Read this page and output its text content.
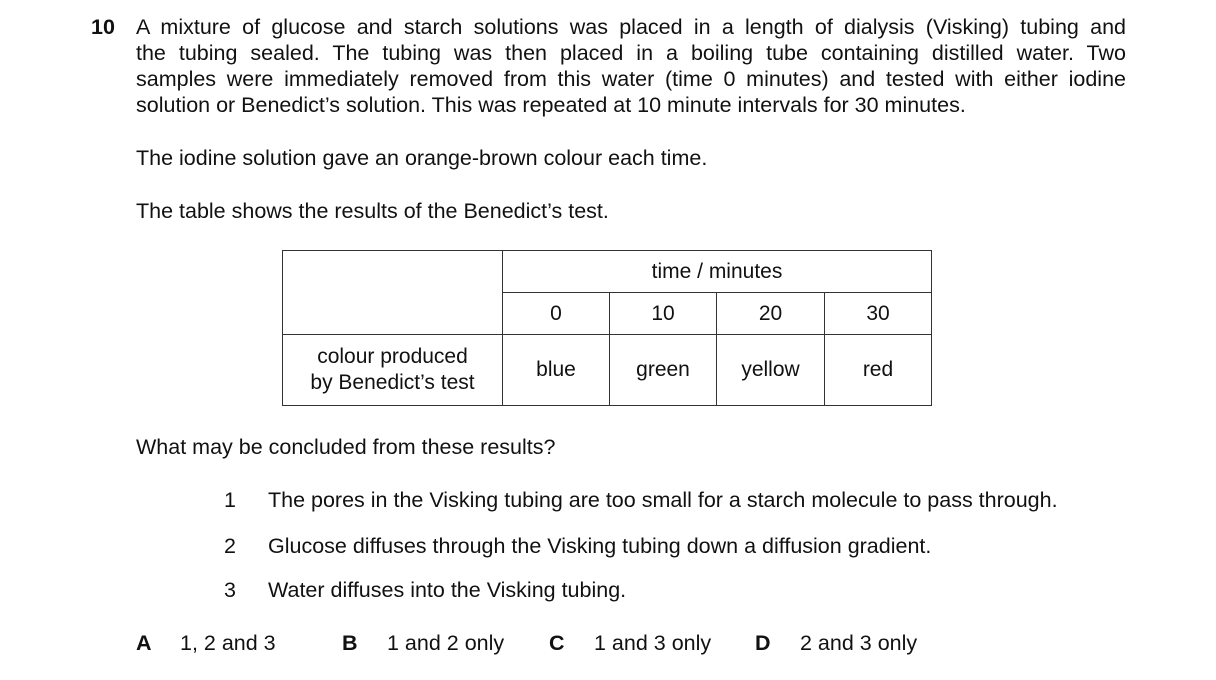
10 A mixture of glucose and starch solutions was placed in a length of dialysis (Visking) tubing and
the tubing sealed. The tubing was then placed in a boiling tube containing distilled water. Two
samples were immediately removed from this water (time 0 minutes) and tested with either iodine
solution or Benedict’s solution. This was repeated at 10 minute intervals for 30 minutes.
The iodine solution gave an orange-brown colour each time.
The table shows the results of the Benedict’s test.
	time / minutes			
	0	10	20	30

colour produced
by Benedict’s test	blue	green	yellow	red
What may be concluded from these results?
1 The pores in the Visking tubing are too small for a starch molecule to pass through.
2 Glucose diffuses through the Visking tubing down a diffusion gradient.
3 Water diffuses into the Visking tubing.
A 1, 2 and 3	B 1 and 2 only C 1 and 3 only D 2 and 3 only
